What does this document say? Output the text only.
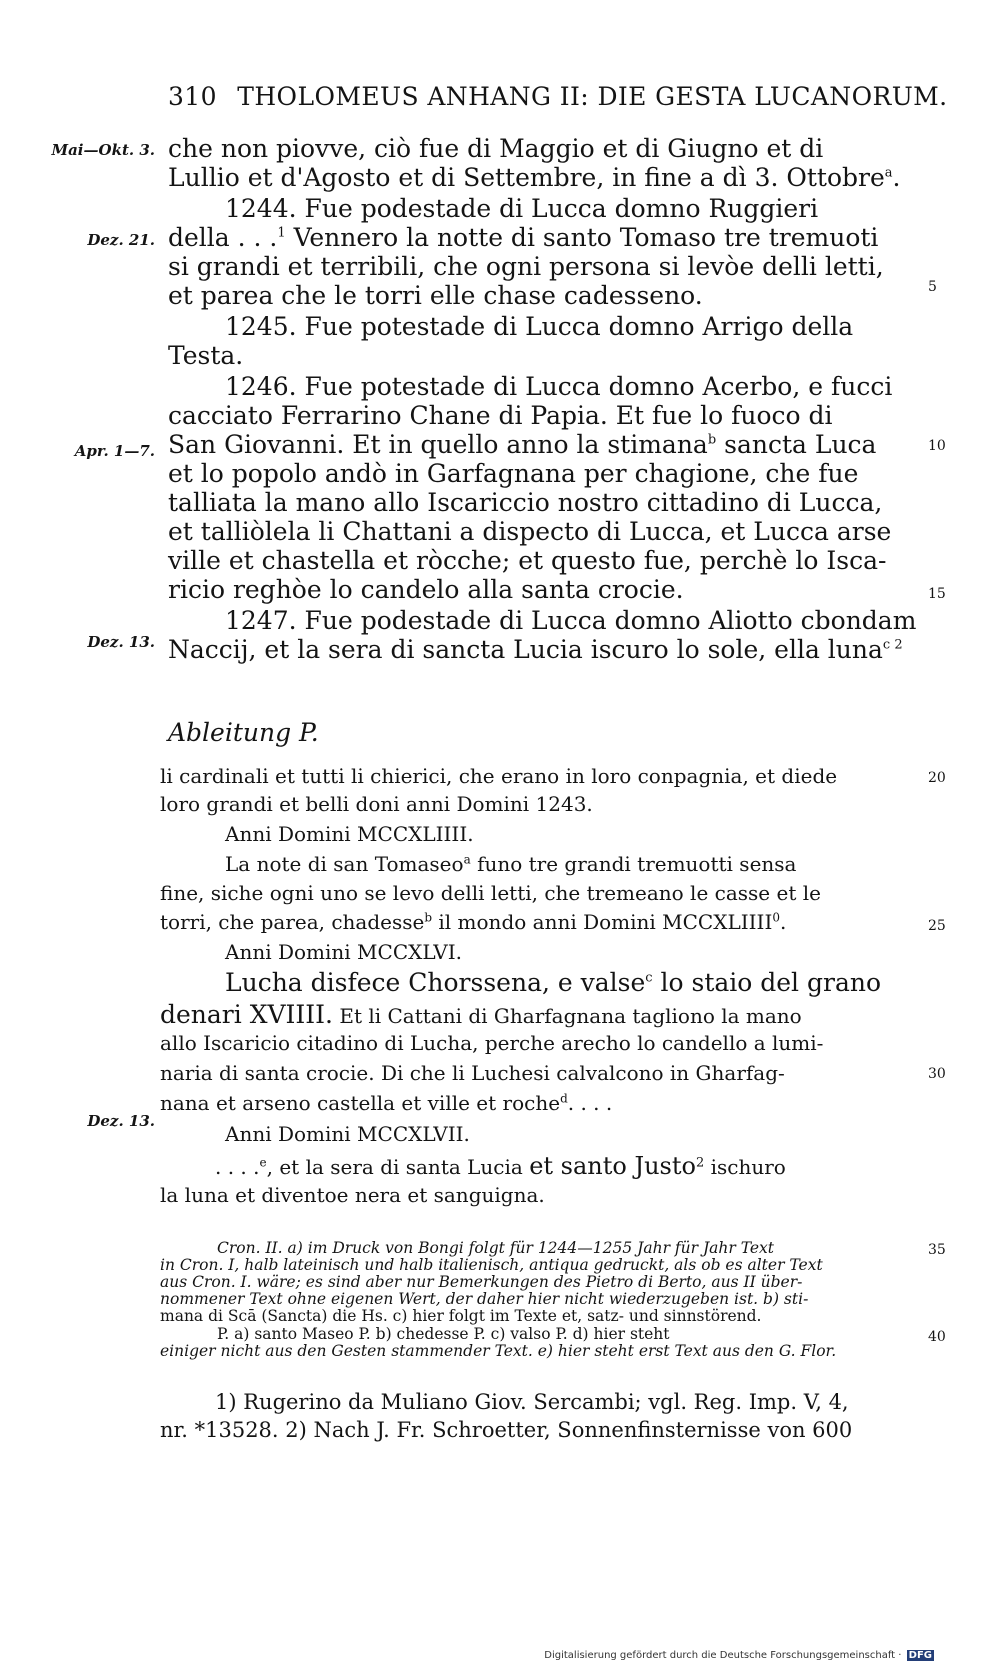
310 THOLOMEUS ANHANG II: DIE GESTA LUCANORUM.
Mai—Okt. 3.
Dez. 21.
Apr. 1—7.
Dez. 13.
Dez. 13.
che non piovve, ciò fue di Maggio et di Giugno et di
Lullio et d'Agosto et di Settembre, in fine a dì 3. Ottobre$^a$.
1244. Fue podestade di Lucca domno Ruggieri
della . . .$^1$ Vennero la notte di santo Tomaso tre tremuoti
si grandi et terribili, che ogni persona si levòe delli letti,
et parea che le torri elle chase cadesseno.
1245. Fue potestade di Lucca domno Arrigo della
Testa.
1246. Fue potestade di Lucca domno Acerbo, e fucci
cacciato Ferrarino Chane di Papia. Et fue lo fuoco di
San Giovanni. Et in quello anno la stimana$^b$ sancta Luca
et lo popolo andò in Garfagnana per chagione, che fue
talliata la mano allo Iscariccio nostro cittadino di Lucca,
et talliòlela li Chattani a dispecto di Lucca, et Lucca arse
ville et chastella et ròcche; et questo fue, perchè lo Isca-
ricio reghòe lo candelo alla santa crocie.
1247. Fue podestade di Lucca domno Aliotto cbondam
Naccij, et la sera di sancta Lucia iscuro lo sole, ella luna$^{c 2}$
Ableitung P.
li cardinali et tutti li chierici, che erano in loro conpagnia, et diede
loro grandi et belli doni anni Domini 1243.
Anni Domini MCCXLIIII.
La note di san Tomaseo$^a$ funo tre grandi tremuotti sensa
fine, siche ogni uno se levo delli letti, che tremeano le casse et le
torri, che parea, chadesse$^b$ il mondo anni Domini MCCXLIIII$^0$.
Anni Domini MCCXLVI.
Lucha disfece Chorssena, e valse$^c$ lo staio del grano
denari XVIIII. Et li Cattani di Gharfagnana tagliono la mano
allo Iscaricio citadino di Lucha, perche arecho lo candello a lumi-
naria di santa crocie. Di che li Luchesi calvalcono in Gharfag-
nana et arseno castella et ville et roche$^d$. . . .
Anni Domini MCCXLVII.
. . . .$^e$, et la sera di santa Lucia et santo Justo$^2$ ischuro
la luna et diventoe nera et sanguigna.
5
10
15
20
25
30
35
40
Cron. II. a) im Druck von Bongi folgt für 1244—1255 Jahr für Jahr Text
in Cron. I, halb lateinisch und halb italienisch, antiqua gedruckt, als ob es alter Text
aus Cron. I. wäre; es sind aber nur Bemerkungen des Pietro di Berto, aus II über-
nommener Text ohne eigenen Wert, der daher hier nicht wiederzugeben ist. b) sti-
mana di Scā (Sancta) die Hs. c) hier folgt im Texte et, satz- und sinnstörend.
P. a) santo Maseo P. b) chedesse P. c) valso P. d) hier steht
einiger nicht aus den Gesten stammender Text. e) hier steht erst Text aus den G. Flor.
1) Rugerino da Muliano Giov. Sercambi; vgl. Reg. Imp. V, 4,
nr. *13528. 2) Nach J. Fr. Schroetter, Sonnenfinsternisse von 600
Digitalisierung gefördert durch die Deutsche Forschungsgemeinschaft · DFG
